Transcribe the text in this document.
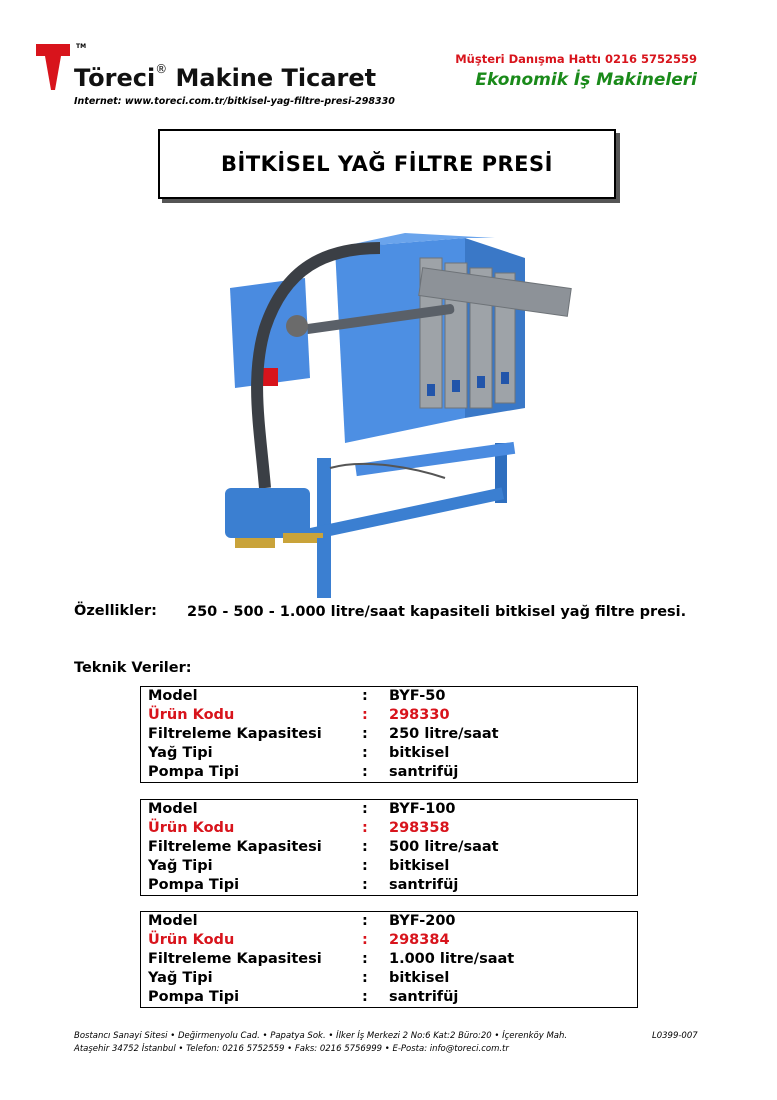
TM
Töreci® Makine Ticaret
Internet: www.toreci.com.tr/bitkisel-yag-filtre-presi-298330
Müşteri Danışma Hattı 0216 5752559
Ekonomik İş Makineleri
BİTKİSEL YAĞ FİLTRE PRESİ
Özellikler: 250 - 500 - 1.000 litre/saat kapasiteli bitkisel yağ filtre presi.
Teknik Veriler:
Model	: BYF-50
Ürün Kodu	: 298330
Filtreleme Kapasitesi	: 250 litre/saat
Yağ Tipi	: bitkisel
Pompa Tipi	: santrifüj
Model	: BYF-100
Ürün Kodu	: 298358
Filtreleme Kapasitesi	: 500 litre/saat
Yağ Tipi	: bitkisel
Pompa Tipi	: santrifüj
Model	: BYF-200
Ürün Kodu	: 298384
Filtreleme Kapasitesi	: 1.000 litre/saat
Yağ Tipi	: bitkisel
Pompa Tipi	: santrifüj
Bostancı Sanayi Sitesi • Değirmenyolu Cad. • Papatya Sok. • İlker İş Merkezi 2 No:6 Kat:2 Büro:20 • İçerenköy Mah.
Ataşehir 34752 İstanbul • Telefon: 0216 5752559 • Faks: 0216 5756999 • E-Posta: info@toreci.com.tr
L0399-007
